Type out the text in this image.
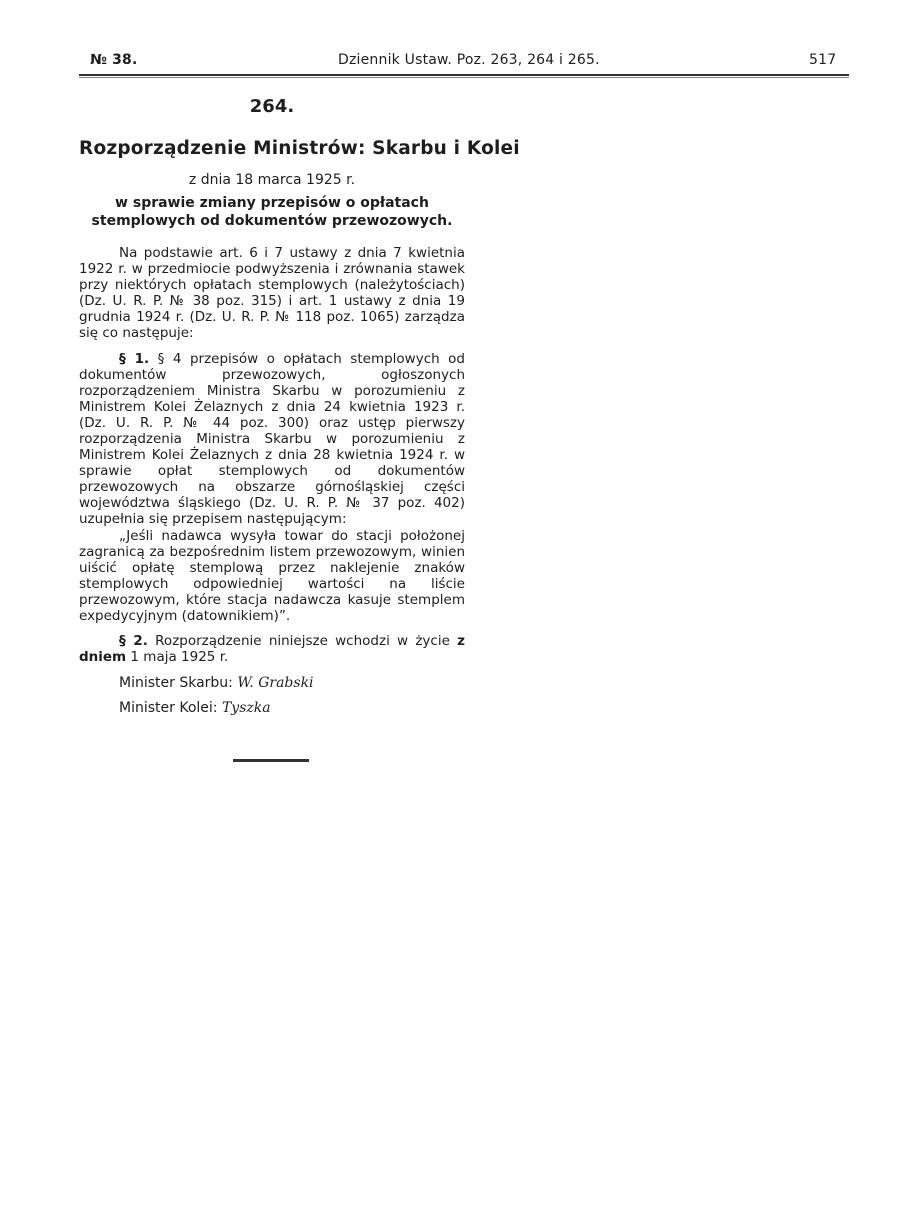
№ 38.	Dziennik Ustaw. Poz. 263, 264 i 265.	517
264.
Rozporządzenie Ministrów: Skarbu i Kolei
z dnia 18 marca 1925 r.
w sprawie zmiany przepisów o opłatach stemplowych od dokumentów przewozowych.

Na podstawie art. 6 i 7 ustawy z dnia 7 kwietnia 1922 r. w przedmiocie podwyższenia i zrównania stawek przy niektórych opłatach stemplowych (należytościach) (Dz. U. R. P. № 38 poz. 315) i art. 1 ustawy z dnia 19 grudnia 1924 r. (Dz. U. R. P. № 118 poz. 1065) zarządza się co następuje:

§ 1. § 4 przepisów o opłatach stemplowych od dokumentów przewozowych, ogłoszonych rozporządzeniem Ministra Skarbu w porozumieniu z Ministrem Kolei Żelaznych z dnia 24 kwietnia 1923 r. (Dz. U. R. P. № 44 poz. 300) oraz ustęp pierwszy rozporządzenia Ministra Skarbu w porozumieniu z Ministrem Kolei Żelaznych z dnia 28 kwietnia 1924 r. w sprawie opłat stemplowych od dokumentów przewozowych na obszarze górnośląskiej części województwa śląskiego (Dz. U. R. P. № 37 poz. 402) uzupełnia się przepisem następującym:

„Jeśli nadawca wysyła towar do stacji położonej zagranicą za bezpośrednim listem przewozowym, winien uiścić opłatę stemplową przez naklejenie znaków stemplowych odpowiedniej wartości na liście przewozowym, które stacja nadawcza kasuje stemplem expedycyjnym (datownikiem)”.

§ 2. Rozporządzenie niniejsze wchodzi w życie z dniem 1 maja 1925 r.

Minister Skarbu: W. Grabski
Minister Kolei: Tyszka
